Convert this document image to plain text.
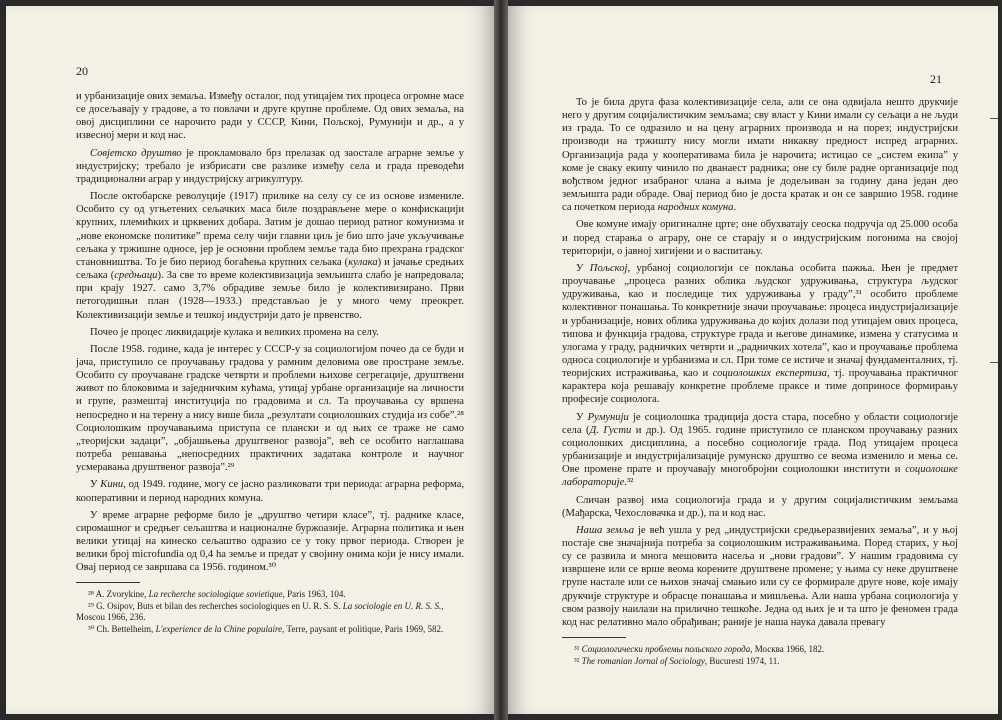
20

и урбанизације ових земаља. Између осталог, под утицајем тих процеса огромне масе се досељавају у градове, а то повлачи и друге крупне проблеме. Од ових земаља, на овој дисциплини се нарочито ради у СССР, Кини, Пољској, Румунији и др., а у извесној мери и код нас.

Совјетско друштво је прокламовало брз прелазак од заостале аграрне земље у индустријску; требало је избрисати све разлике између села и града преводећи традиционални аграр у индустријску агрикултуру.

После октобарске револуције (1917) прилике на селу су се из основе измениле. Особито су од угњетених сељачких маса биле поздрављене мере о конфискацији крупних, племићких и црквених добара. Затим је дошао период ратног комунизма и „нове економске политике” према селу чији главни циљ је био што јаче укључивање сељака у тржишне односе, јер је основни проблем земље тада био прехрана градског становништва. То је био период богаћења крупних сељака (кулака) и јачање средњих сељака (средњаци). За све то време колективизација земљишта слабо је напредовала; при крају 1927. само 3,7% обрадиве земље било је колективизирано. Први петогодишњи план (1928—1933.) представљао је у много чему преокрет. Колективизацији земље и тешкој индустрији дато је првенство.

Почео је процес ликвидације кулака и великих промена на селу.

После 1958. године, када је интерес у СССР-у за социологијом почео да се буди и јача, приступило се проучавању градова у рамним деловима ове простране земље. Особито су проучаване градске четврти и проблеми њихове сегрегације, друштвени живот по блоковима и заједничким кућама, утицај урбане организације на личности и групе, размештај институција по градовима и сл. Та проучавања су вршена непосредно и на терену а нису више била „резултати социолошких студија из собе”.²⁸ Социолошким проучавањима приступа се плански и од њих се траже не само „теоријски задаци”, „објашњења друштвеног развоја”, већ се особито наглашава потреба решавања „непосредних практичних задатака контроле и научног усмеравања друштвеног развоја”.²⁹

У Кини, од 1949. године, могу се јасно разликовати три периода: аграрна реформа, кооперативни и период народних комуна.

У време аграрне реформе било је „друштво четири класе”, тј. раднике класе, сиромашног и средњег сељаштва и националне буржоазије. Аграрна политика и њен велики утицај на кинеско сељаштво одразио се у току првог периода. Створен је велики број microfundia од 0,4 ha земље и предат у својину онима који је нису имали. Овај период се завршава са 1956. годином.³⁰

²⁸ A. Zvorykine, La recherche sociologique sovietique, Paris 1963, 104.

²⁹ G. Osipov, Buts et bilan des recherches sociologiques en U. R. S. S. La sociologie en U. R. S. S., Moscou 1966, 236.

³⁰ Ch. Bettelheim, L'experience de la Chine populaire, Terre, paysant et politique, Paris 1969, 582.

21

То је била друга фаза колективизације села, али се она одвијала нешто друкчије него у другим социјалистичким земљама; сву власт у Кини имали су сељаци а не људи из града. То се одразило и на цену аграрних производа и на порез; индустријски производи на тржишту нису могли имати никакву предност испред аграрних. Организација рада у кооперативама била је нарочита; истицао се „систем екипа” у коме је сваку екипу чинило по дванаест радника; оне су биле радне организације под вођством једног изабраног члана а њима је додељиван за годину дана један део земљишта ради обраде. Овај период био је доста кратак и он се завршио 1958. године са почетком периода народних комуна.

Ове комуне имају оригиналне црте; оне обухватају сеоска подручја од 25.000 особа и поред старања о аграру, оне се старају и о индустријским погонима на својој територији, о јавној хигијени и о васпитању.

У Пољској, урбаној социологији се поклања особита пажња. Њен је предмет проучавање „процеса разних облика људског удруживања, структура људског удруживања, као и последице тих удруживања у граду”,³¹ особито проблеме колективног понашања. То конкретније значи проучавање: процеса индустријализације и урбанизације, нових облика удруживања до којих долази под утицајем ових процеса, типова и функција градова, структуре града и његове динамике, измена у статусима и улогама у граду, радничких четврти и „радничких хотела”, као и проучавање проблема односа социологије и урбанизма и сл. При томе се истиче и значај фундаменталних, тј. теоријских истраживања, као и социолошких експертиза, тј. проучавања практичног карактера која решавају конкретне проблеме праксе и тиме доприносе формирању професије социолога.

У Румунији је социолошка традиција доста стара, посебно у области социологије села (Д. Густи и др.). Од 1965. године приступило се планском проучавању разних социолошких дисциплина, а посебно социологије града. Под утицајем процеса урбанизације и индустријализације румунско друштво се веома изменило и мења се. Ове промене прате и проучавају многобројни социолошки институти и социолошке лабораторије.³²

Сличан развој има социологија града и у другим социјалистичким земљама (Мађарска, Чехословачка и др.), па и код нас.

Наша земља је већ ушла у ред „индустријски средњеразвијених земаља”, и у њој постаје све значајнија потреба за социолошким истраживањима. Поред старих, у њој су се развила и многа мешовита насеља и „нови градови”. У нашим градовима су извршене или се врше веома корените друштвене промене; у њима су неке друштвене групе настале или се њихов значај смањио или су се формирале друге нове, које имају друкчије структуре и обрасце понашања и мишљења. Али наша урбана социологија у свом развоју наилази на прилично тешкоће. Једна од њих је и та што је феномен града код нас релативно мало обрађиван; раније је наша наука давала превагу

³¹ Социологически проблемы польского города, Москва 1966, 182.

³² The romanian Jornal of Sociology, Bucuresti 1974, 11.
